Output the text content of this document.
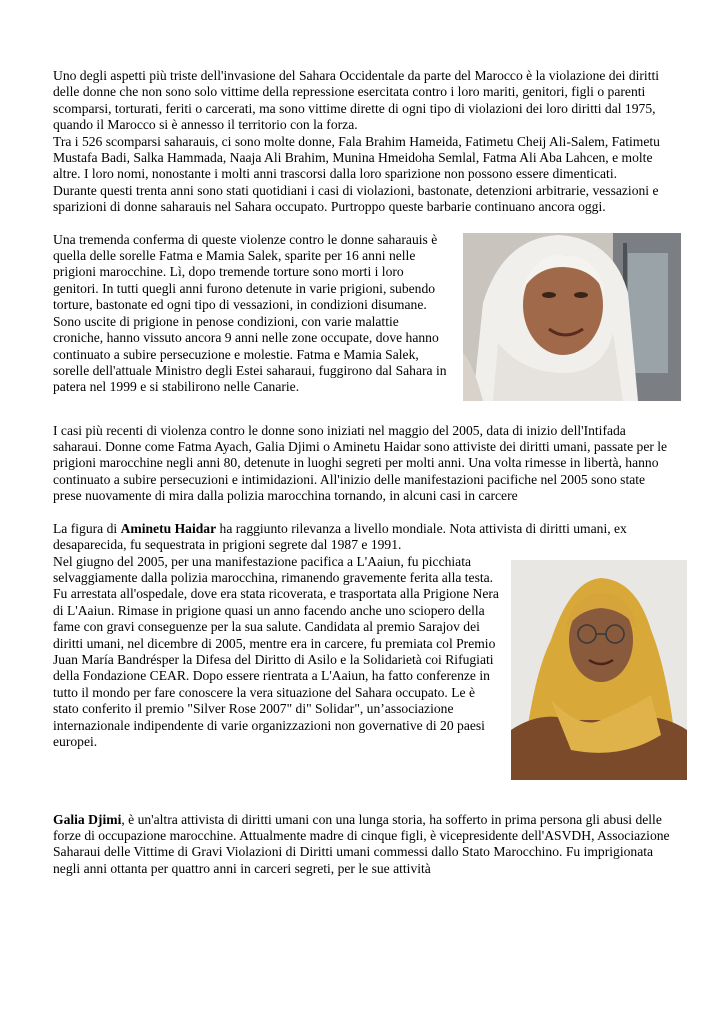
Uno degli aspetti più triste dell'invasione del Sahara Occidentale da parte del Marocco è la violazione dei diritti delle donne che non sono solo vittime della repressione esercitata contro i loro mariti, genitori, figli o parenti scomparsi, torturati, feriti o carcerati, ma sono vittime dirette di ogni tipo di violazioni dei loro diritti dal 1975, quando il Marocco si è annesso il territorio con la forza.

Tra i 526 scomparsi saharauis, ci sono molte donne, Fala Brahim Hameida, Fatimetu Cheij Ali-Salem, Fatimetu Mustafa Badi, Salka Hammada, Naaja Ali Brahim, Munina Hmeidoha Semlal, Fatma Ali Aba Lahcen, e molte altre. I loro nomi, nonostante i molti anni trascorsi dalla loro sparizione non possono essere dimenticati.

Durante questi trenta anni sono stati quotidiani i casi di violazioni, bastonate, detenzioni arbitrarie, vessazioni e sparizioni di donne saharauis nel Sahara occupato. Purtroppo queste barbarie continuano ancora oggi.

Una tremenda conferma di queste violenze contro le donne saharauis è quella delle sorelle Fatma e Mamia Salek, sparite per 16 anni nelle prigioni marocchine. Lì, dopo tremende torture sono morti i loro genitori. In tutti quegli anni furono detenute in varie prigioni, subendo torture, bastonate ed ogni tipo di vessazioni, in condizioni disumane. Sono uscite di prigione in penose condizioni, con varie malattie croniche, hanno vissuto ancora 9 anni nelle zone occupate, dove hanno continuato a subire persecuzione e molestie. Fatma e Mamia Salek, sorelle dell'attuale Ministro degli Estei saharaui, fuggirono dal Sahara in patera nel 1999 e si stabilirono nelle Canarie.

I casi più recenti di violenza contro le donne sono iniziati nel maggio del 2005, data di inizio dell'Intifada saharaui. Donne come Fatma Ayach, Galia Djimi o Aminetu Haidar sono attiviste dei diritti umani, passate per le prigioni marocchine negli anni 80, detenute in luoghi segreti per molti anni. Una volta rimesse in libertà, hanno continuato a subire persecuzioni e intimidazioni. All'inizio delle manifestazioni pacifiche nel 2005 sono state prese nuovamente di mira dalla polizia marocchina tornando, in alcuni casi in carcere

La figura di Aminetu Haidar ha raggiunto rilevanza a livello mondiale. Nota attivista di diritti umani, ex desaparecida, fu sequestrata in prigioni segrete dal 1987 e 1991.

Nel giugno del 2005, per una manifestazione pacifica a L'Aaiun, fu picchiata selvaggiamente dalla polizia marocchina, rimanendo gravemente ferita alla testa. Fu arrestata all'ospedale, dove era stata ricoverata, e trasportata alla Prigione Nera di L'Aaiun. Rimase in prigione quasi un anno facendo anche uno sciopero della fame con gravi conseguenze per la sua salute. Candidata al premio Sarajov dei diritti umani, nel dicembre di 2005, mentre era in carcere, fu premiata col Premio Juan María Bandrésper la Difesa del Diritto di Asilo e la Solidarietà coi Rifugiati della Fondazione CEAR. Dopo essere rientrata a L'Aaiun, ha fatto conferenze in tutto il mondo per fare conoscere la vera situazione del Sahara occupato. Le è stato conferito il premio "Silver Rose 2007" di" Solidar", un’associazione internazionale indipendente di varie organizzazioni non governative di 20 paesi europei.

Galia Djimi, è un'altra attivista di diritti umani con una lunga storia, ha sofferto in prima persona gli abusi delle forze di occupazione marocchine. Attualmente madre di cinque figli, è vicepresidente dell'ASVDH, Associazione Saharaui delle Vittime di Gravi Violazioni di Diritti umani commessi dallo Stato Marocchino. Fu imprigionata negli anni ottanta per quattro anni in carceri segreti, per le sue attività
